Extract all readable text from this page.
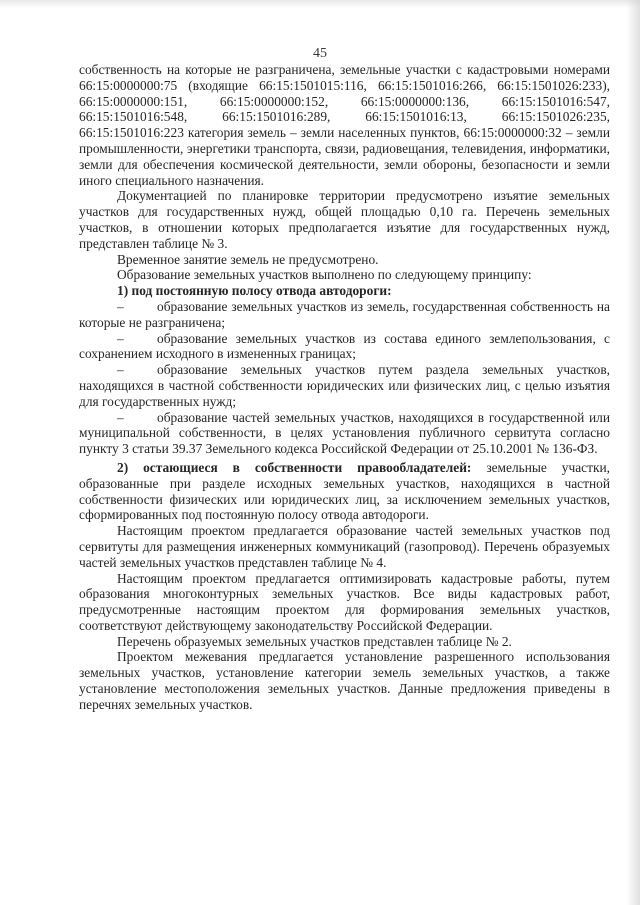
45

собственность на которые не разграничена, земельные участки с кадастровыми номерами 66:15:0000000:75 (входящие 66:15:1501015:116, 66:15:1501016:266, 66:15:1501026:233), 66:15:0000000:151, 66:15:0000000:152, 66:15:0000000:136, 66:15:1501016:547, 66:15:1501016:548, 66:15:1501016:289, 66:15:1501016:13, 66:15:1501026:235, 66:15:1501016:223 категория земель – земли населенных пунктов, 66:15:0000000:32 – земли промышленности, энергетики транспорта, связи, радиовещания, телевидения, информатики, земли для обеспечения космической деятельности, земли обороны, безопасности и земли иного специального назначения.

Документацией по планировке территории предусмотрено изъятие земельных участков для государственных нужд, общей площадью 0,10 га. Перечень земельных участков, в отношении которых предполагается изъятие для государственных нужд, представлен таблице № 3.

Временное занятие земель не предусмотрено.

Образование земельных участков выполнено по следующему принципу:

1) под постоянную полосу отвода автодороги:

– образование земельных участков из земель, государственная собственность на которые не разграничена;

– образование земельных участков из состава единого землепользования, с сохранением исходного в измененных границах;

– образование земельных участков путем раздела земельных участков, находящихся в частной собственности юридических или физических лиц, с целью изъятия для государственных нужд;

– образование частей земельных участков, находящихся в государственной или муниципальной собственности, в целях установления публичного сервитута согласно пункту 3 статьи 39.37 Земельного кодекса Российской Федерации от 25.10.2001 № 136-ФЗ.

2) остающиеся в собственности правообладателей: земельные участки, образованные при разделе исходных земельных участков, находящихся в частной собственности физических или юридических лиц, за исключением земельных участков, сформированных под постоянную полосу отвода автодороги.

Настоящим проектом предлагается образование частей земельных участков под сервитуты для размещения инженерных коммуникаций (газопровод). Перечень образуемых частей земельных участков представлен таблице № 4.

Настоящим проектом предлагается оптимизировать кадастровые работы, путем образования многоконтурных земельных участков. Все виды кадастровых работ, предусмотренные настоящим проектом для формирования земельных участков, соответствуют действующему законодательству Российской Федерации.

Перечень образуемых земельных участков представлен таблице № 2.

Проектом межевания предлагается установление разрешенного использования земельных участков, установление категории земель земельных участков, а также установление местоположения земельных участков. Данные предложения приведены в перечнях земельных участков.
